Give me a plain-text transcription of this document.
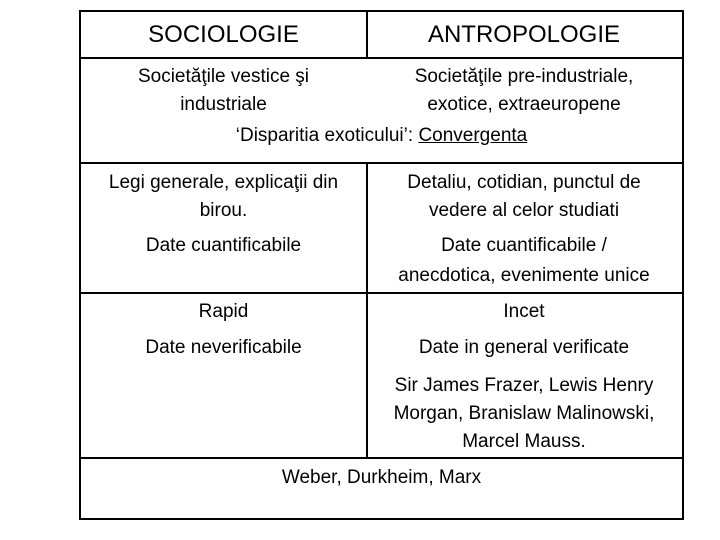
SOCIOLOGIE	ANTROPOLOGIE
Societăţile vestice şi
industriale
Societăţile pre-industriale,
exotice, extraeuropene
‘Disparitia exoticului’: Convergenta
Legi generale, explicaţii din
birou.
Date cuantificabile
Detaliu, cotidian, punctul de
vedere al celor studiati
Date cuantificabile /
anecdotica, evenimente unice
Rapid
Date neverificabile
Incet
Date in general verificate
Sir James Frazer, Lewis Henry
Morgan, Branislaw Malinowski,
Marcel Mauss.
Weber, Durkheim, Marx
